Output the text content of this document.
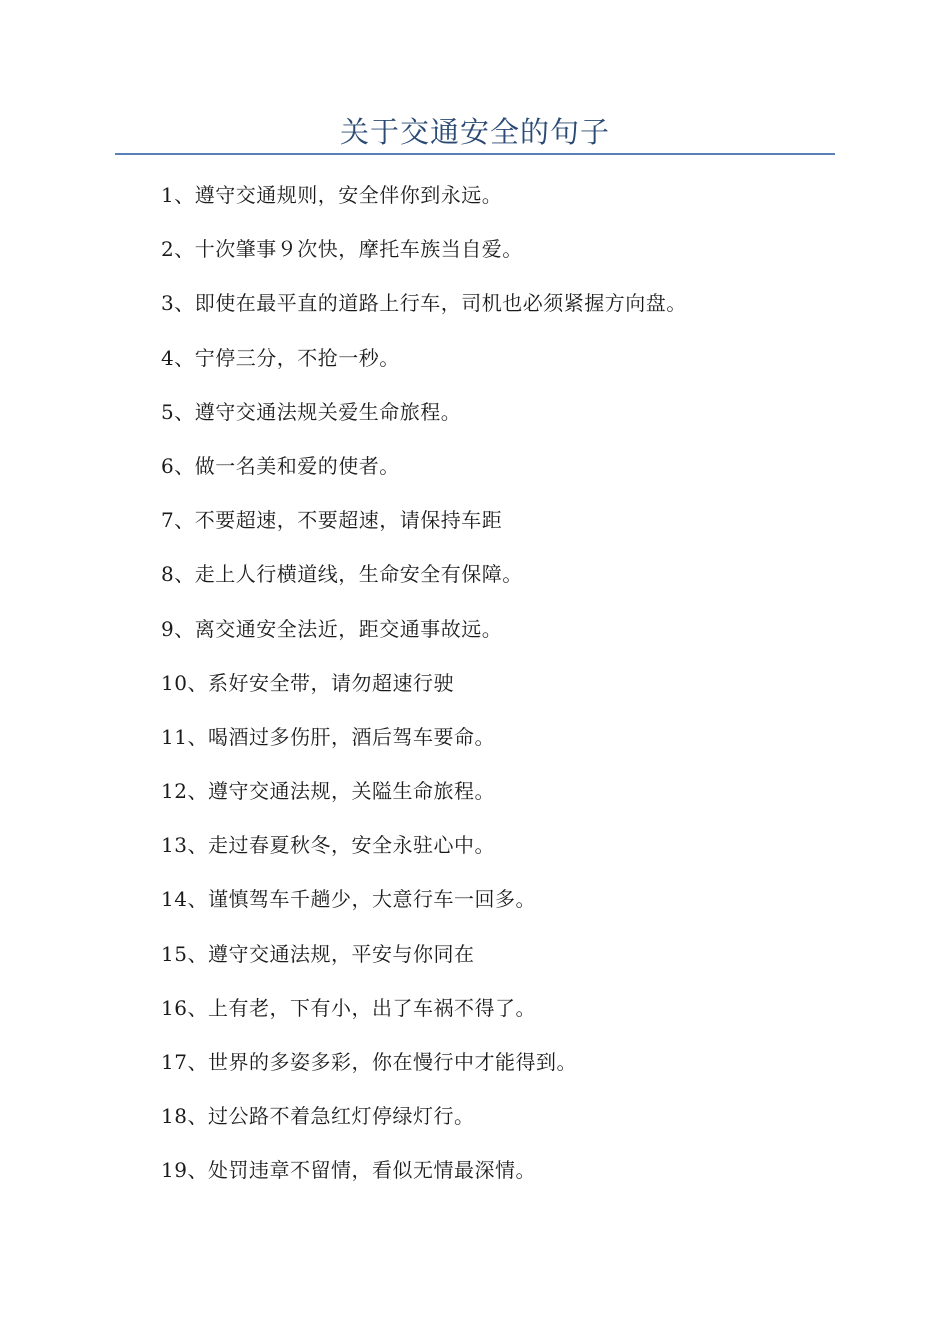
关于交通安全的句子
1、遵守交通规则，安全伴你到永远。
2、十次肇事９次快，摩托车族当自爱。
3、即使在最平直的道路上行车，司机也必须紧握方向盘。
4、宁停三分，不抢一秒。
5、遵守交通法规关爱生命旅程。
6、做一名美和爱的使者。
7、不要超速，不要超速，请保持车距
8、走上人行横道线，生命安全有保障。
9、离交通安全法近，距交通事故远。
10、系好安全带，请勿超速行驶
11、喝酒过多伤肝，酒后驾车要命。
12、遵守交通法规，关隘生命旅程。
13、走过春夏秋冬，安全永驻心中。
14、谨慎驾车千趟少，大意行车一回多。
15、遵守交通法规，平安与你同在
16、上有老，下有小，出了车祸不得了。
17、世界的多姿多彩，你在慢行中才能得到。
18、过公路不着急红灯停绿灯行。
19、处罚违章不留情，看似无情最深情。
